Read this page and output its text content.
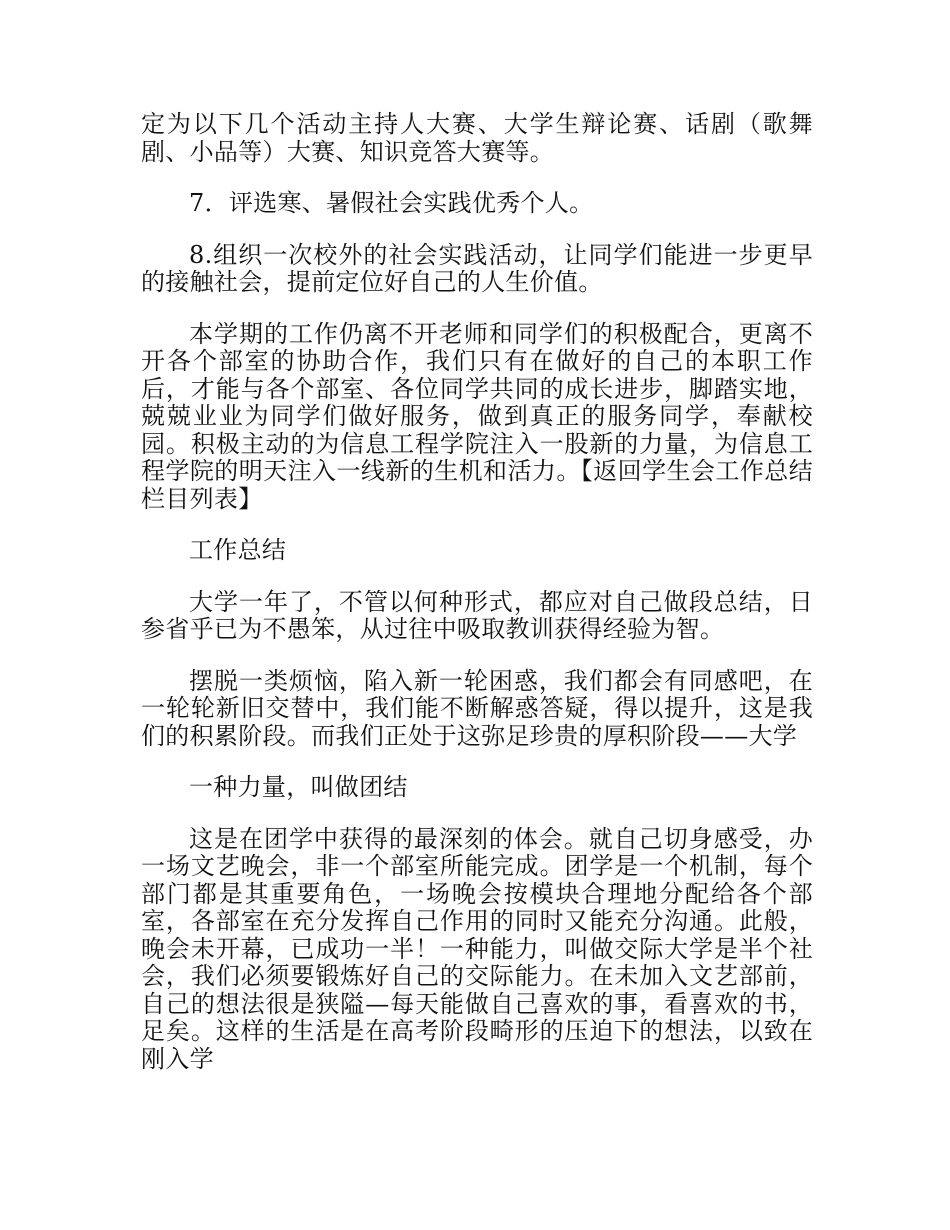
定为以下几个活动主持人大赛、大学生辩论赛、话剧（歌舞剧、小品等）大赛、知识竞答大赛等。

7．评选寒、暑假社会实践优秀个人。

8.组织一次校外的社会实践活动，让同学们能进一步更早的接触社会，提前定位好自己的人生价值。

本学期的工作仍离不开老师和同学们的积极配合，更离不开各个部室的协助合作，我们只有在做好的自己的本职工作后，才能与各个部室、各位同学共同的成长进步，脚踏实地，兢兢业业为同学们做好服务，做到真正的服务同学，奉献校园。积极主动的为信息工程学院注入一股新的力量，为信息工程学院的明天注入一线新的生机和活力。【返回学生会工作总结栏目列表】

工作总结

大学一年了，不管以何种形式，都应对自己做段总结，日参省乎已为不愚笨，从过往中吸取教训获得经验为智。

摆脱一类烦恼，陷入新一轮困惑，我们都会有同感吧，在一轮轮新旧交替中，我们能不断解惑答疑，得以提升，这是我们的积累阶段。而我们正处于这弥足珍贵的厚积阶段——大学

一种力量，叫做团结

这是在团学中获得的最深刻的体会。就自己切身感受，办一场文艺晚会，非一个部室所能完成。团学是一个机制，每个部门都是其重要角色，一场晚会按模块合理地分配给各个部室，各部室在充分发挥自己作用的同时又能充分沟通。此般，晚会未开幕，已成功一半！一种能力，叫做交际大学是半个社会，我们必须要锻炼好自己的交际能力。在未加入文艺部前，自己的想法很是狭隘—每天能做自己喜欢的事，看喜欢的书，足矣。这样的生活是在高考阶段畸形的压迫下的想法，以致在刚入学
